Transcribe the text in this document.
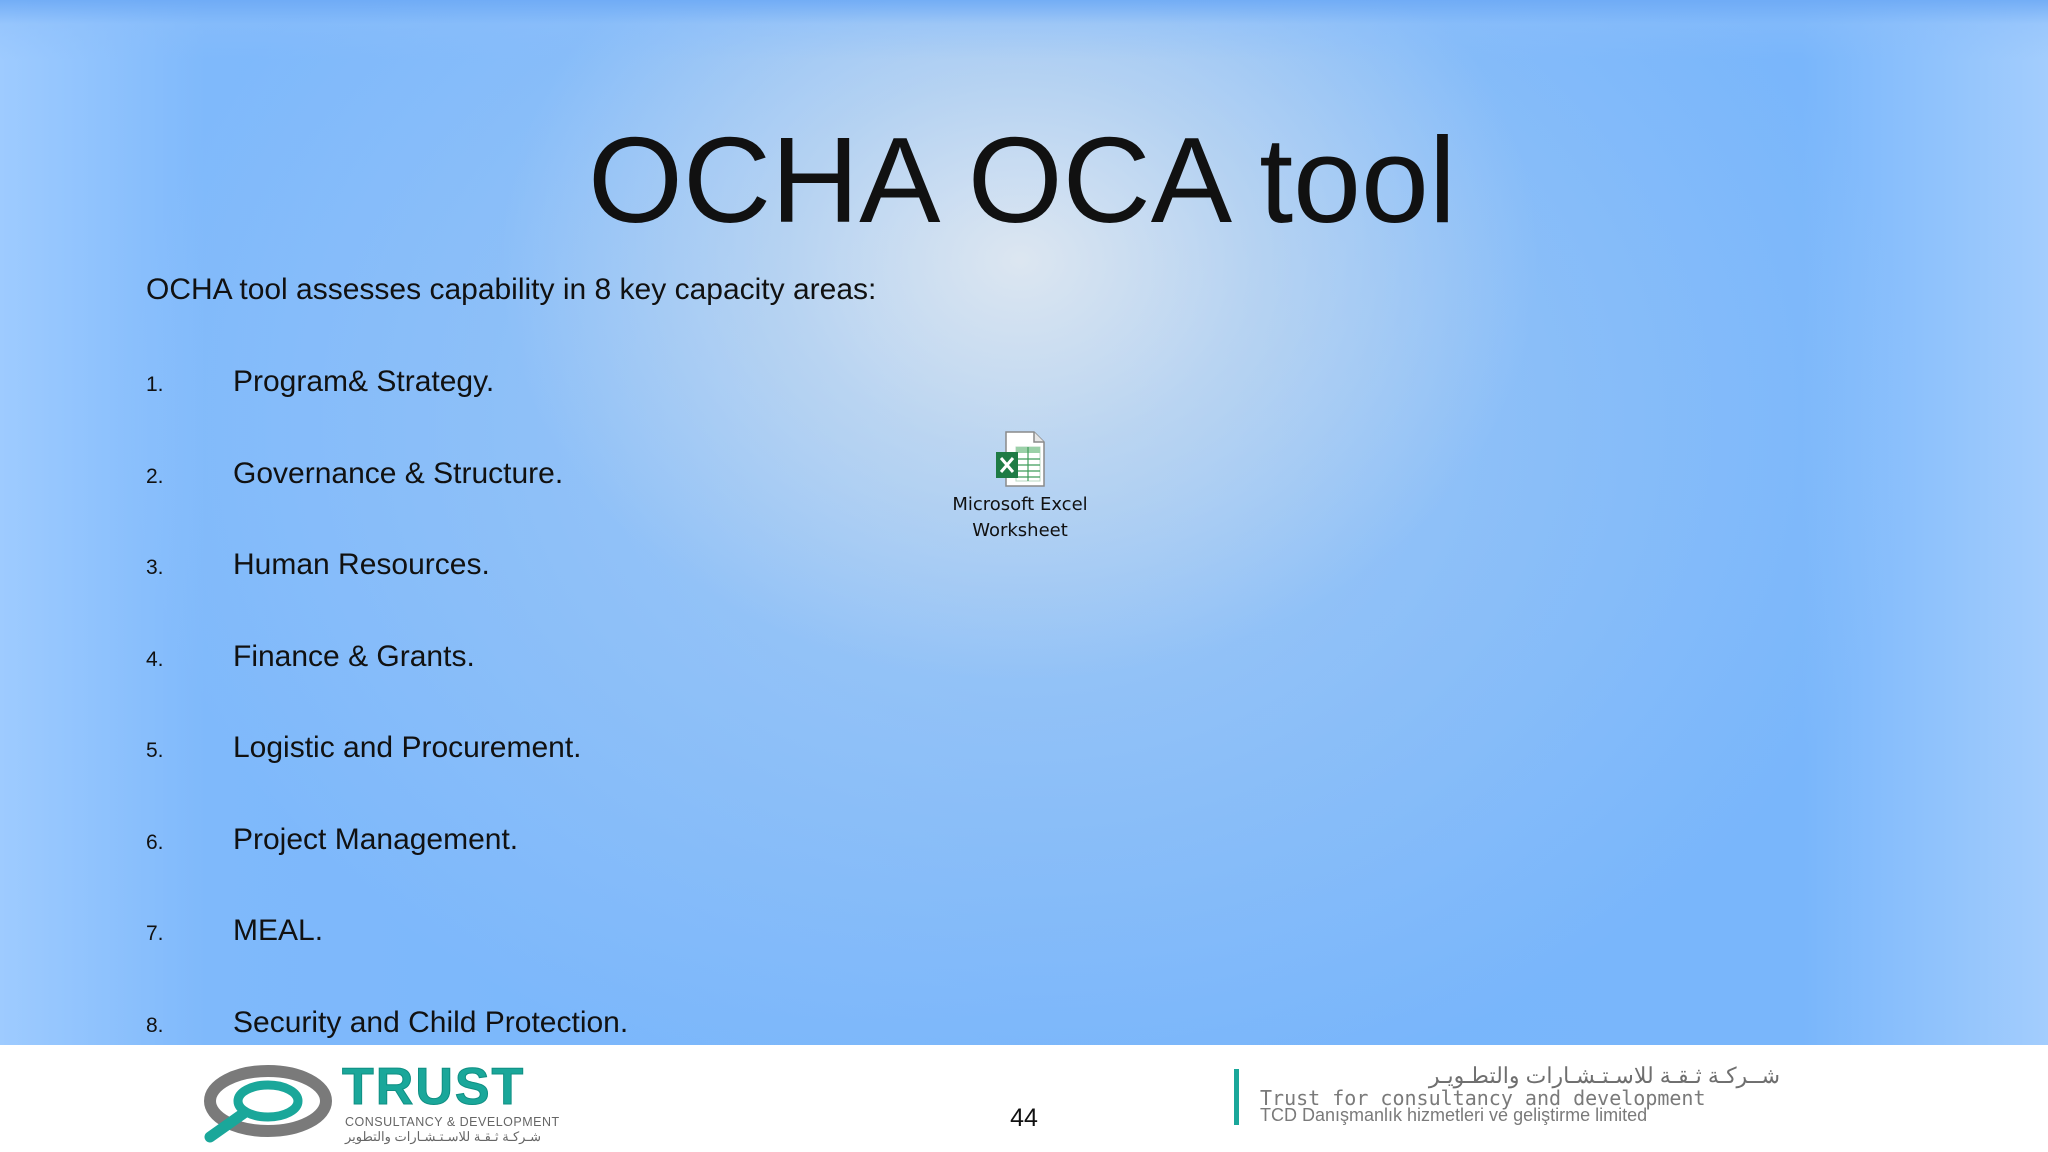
OCHA OCA tool
OCHA tool assesses capability in 8 key capacity areas:
1. Program& Strategy.
2. Governance & Structure.
3. Human Resources.
4. Finance & Grants.
5. Logistic and Procurement.
6. Project Management.
7. MEAL.
8. Security and Child Protection.
Microsoft Excel
Worksheet
TRUST
CONSULTANCY & DEVELOPMENT
شـركـة ثـقـة للاسـتـشـارات والتطوير
44
شــركـة ثـقـة للاسـتـشـارات والتطـويـر
Trust for consultancy and development
TCD Danışmanlık hizmetleri ve geliştirme limited
